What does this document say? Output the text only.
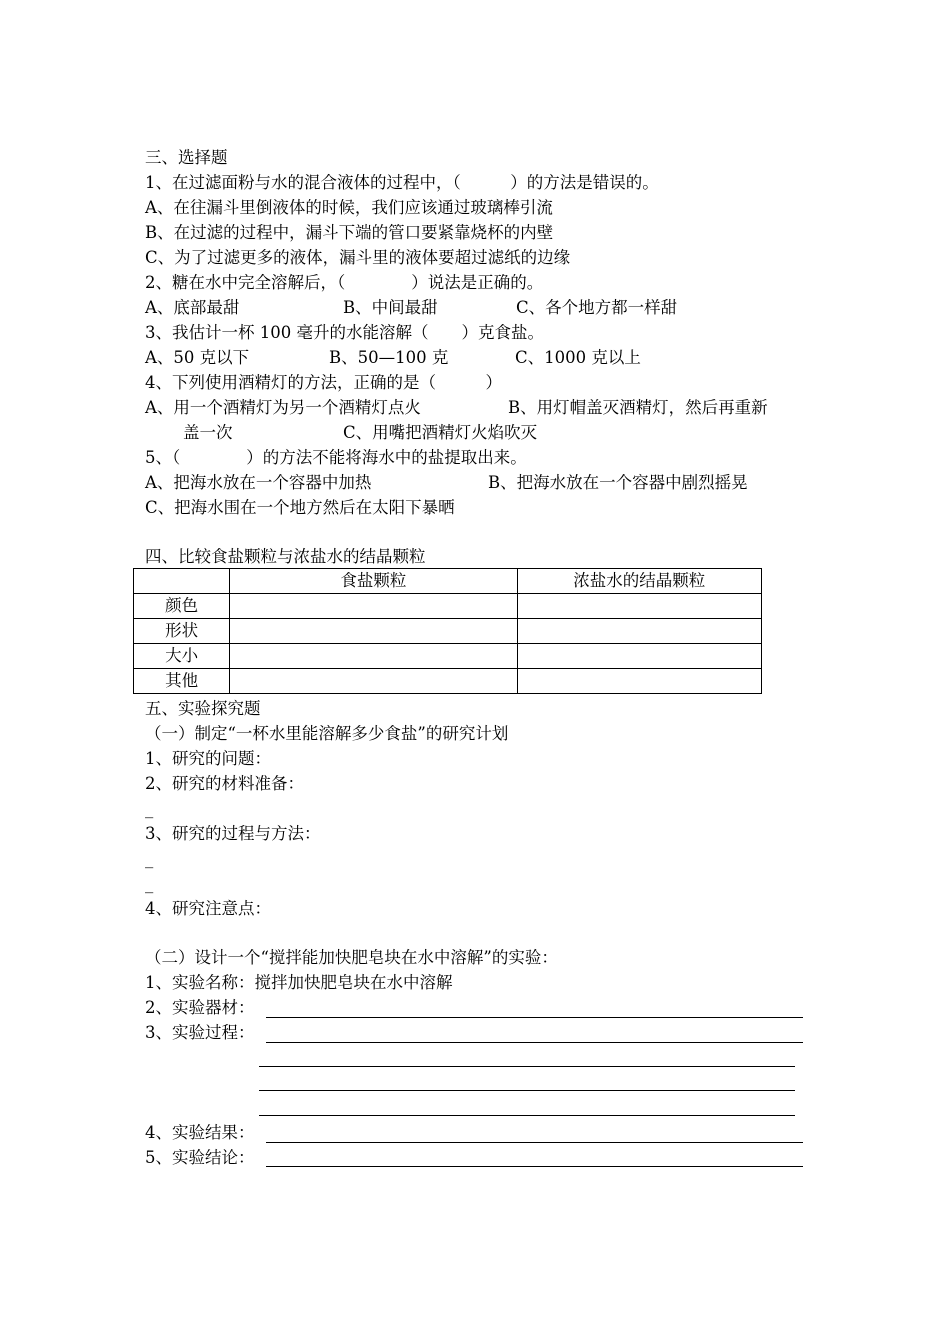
三、选择题
1、在过滤面粉与水的混合液体的过程中，（　　　）的方法是错误的。
A、在往漏斗里倒液体的时候，我们应该通过玻璃棒引流
B、在过滤的过程中，漏斗下端的管口要紧靠烧杯的内壁
C、为了过滤更多的液体，漏斗里的液体要超过滤纸的边缘
2、糖在水中完全溶解后，（　　　　）说法是正确的。
A、底部最甜	B、中间最甜	C、各个地方都一样甜
3、我估计一杯 100 毫升的水能溶解（　　）克食盐。
A、50 克以下	B、50—100 克	C、1000 克以上
4、下列使用酒精灯的方法，正确的是（　　　）
A、用一个酒精灯为另一个酒精灯点火	B、用灯帽盖灭酒精灯，然后再重新
盖一次	C、用嘴把酒精灯火焰吹灭
5、（　　　　）的方法不能将海水中的盐提取出来。
A、把海水放在一个容器中加热	B、把海水放在一个容器中剧烈摇晃
C、把海水围在一个地方然后在太阳下暴晒
四、比较食盐颗粒与浓盐水的结晶颗粒
	食盐颗粒	浓盐水的结晶颗粒
颜色		
形状		
大小		
其他		
五、实验探究题
（一）制定“一杯水里能溶解多少食盐”的研究计划
1、研究的问题：
2、研究的材料准备：
_
3、研究的过程与方法：
_
_
4、研究注意点：
（二）设计一个“搅拌能加快肥皂块在水中溶解”的实验：
1、实验名称：搅拌加快肥皂块在水中溶解
2、实验器材：
3、实验过程：
4、实验结果：
5、实验结论：
